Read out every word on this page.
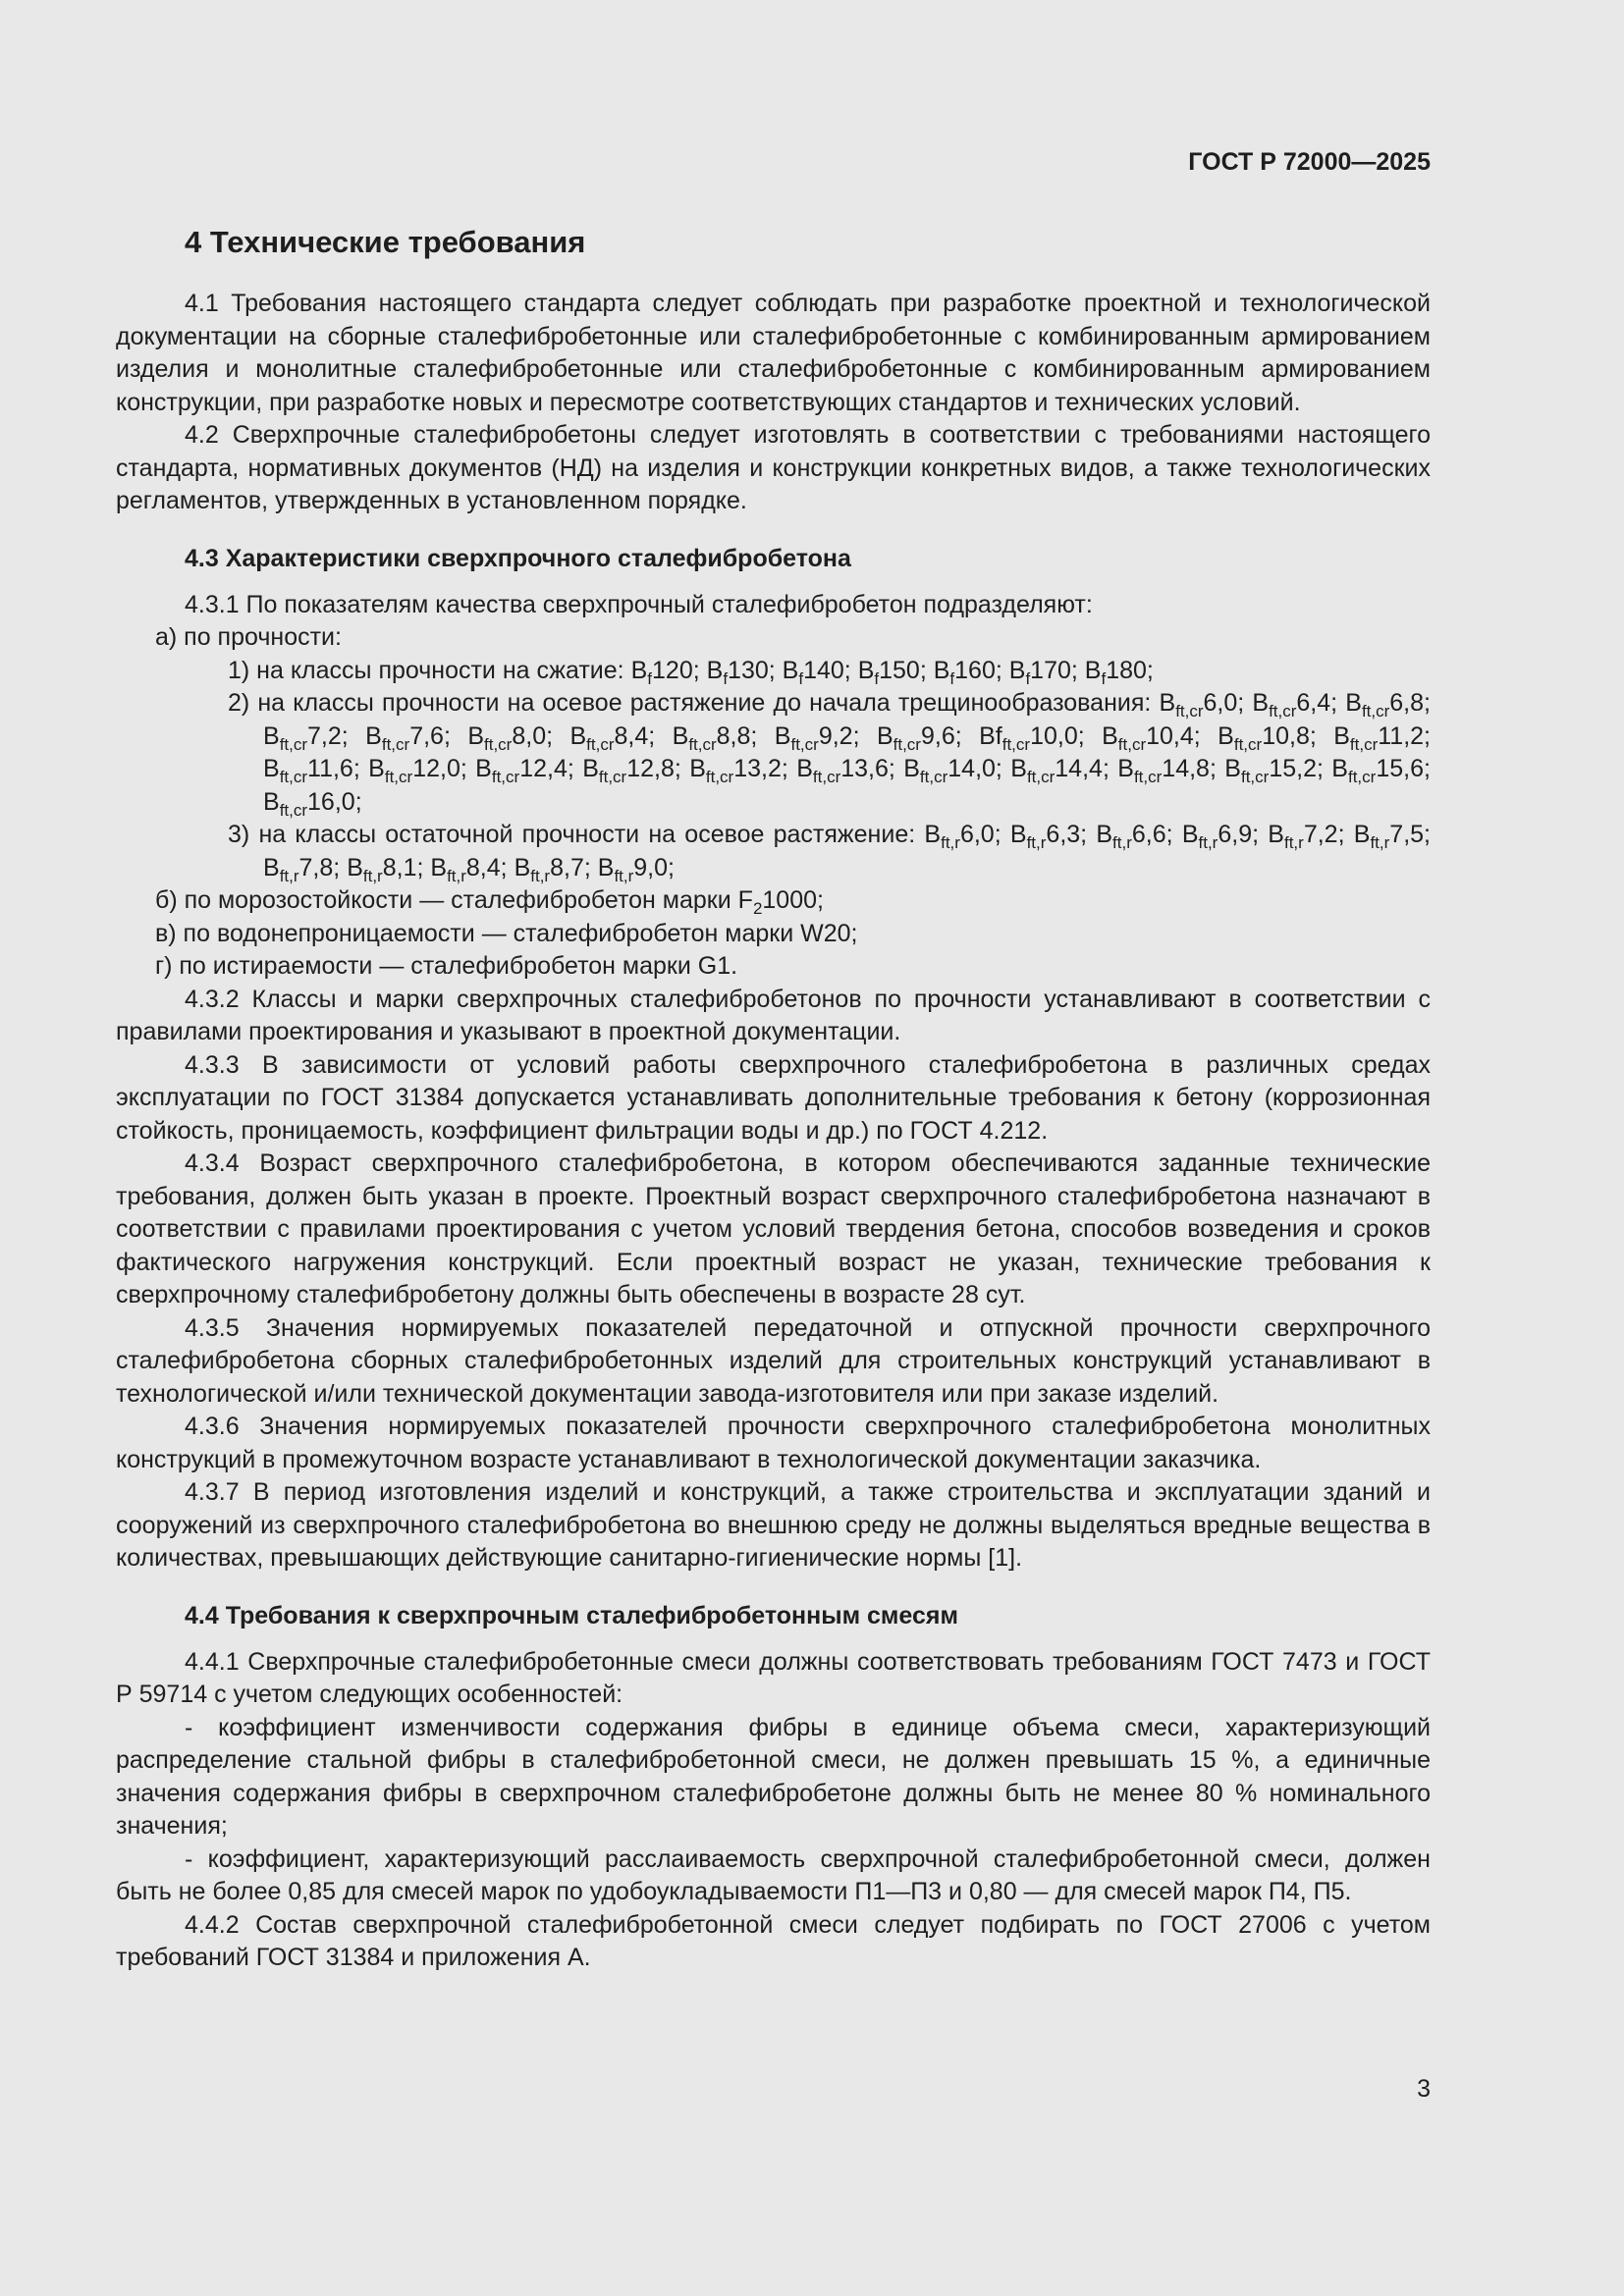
ГОСТ Р 72000—2025
4 Технические требования

4.1 Требования настоящего стандарта следует соблюдать при разработке проектной и технологической документации на сборные сталефибробетонные или сталефибробетонные с комбинированным армированием изделия и монолитные сталефибробетонные или сталефибробетонные с комбинированным армированием конструкции, при разработке новых и пересмотре соответствующих стандартов и технических условий.

4.2 Сверхпрочные сталефибробетоны следует изготовлять в соответствии с требованиями настоящего стандарта, нормативных документов (НД) на изделия и конструкции конкретных видов, а также технологических регламентов, утвержденных в установленном порядке.

4.3 Характеристики сверхпрочного сталефибробетона

4.3.1 По показателям качества сверхпрочный сталефибробетон подразделяют:

а) по прочности:
1) на классы прочности на сжатие: $B_f120$; $B_f130$; $B_f140$; $B_f150$; $B_f160$; $B_f170$; $B_f180$;
2) на классы прочности на осевое растяжение до начала трещинообразования: $B_{ft,cr}6,0$; $B_{ft,cr}6,4$; $B_{ft,cr}6,8$; $B_{ft,cr}7,2$; $B_{ft,cr}7,6$; $B_{ft,cr}8,0$; $B_{ft,cr}8,4$; $B_{ft,cr}8,8$; $B_{ft,cr}9,2$; $B_{ft,cr}9,6$; $Bf_{ft,cr}10,0$; $B_{ft,cr}10,4$; $B_{ft,cr}10,8$; $B_{ft,cr}11,2$; $B_{ft,cr}11,6$; $B_{ft,cr}12,0$; $B_{ft,cr}12,4$; $B_{ft,cr}12,8$; $B_{ft,cr}13,2$; $B_{ft,cr}13,6$; $B_{ft,cr}14,0$; $B_{ft,cr}14,4$; $B_{ft,cr}14,8$; $B_{ft,cr}15,2$; $B_{ft,cr}15,6$; $B_{ft,cr}16,0$;
3) на классы остаточной прочности на осевое растяжение: $B_{ft,r}6,0$; $B_{ft,r}6,3$; $B_{ft,r}6,6$; $B_{ft,r}6,9$; $B_{ft,r}7,2$; $B_{ft,r}7,5$; $B_{ft,r}7,8$; $B_{ft,r}8,1$; $B_{ft,r}8,4$; $B_{ft,r}8,7$; $B_{ft,r}9,0$;
б) по морозостойкости — сталефибробетон марки $F_21000$;
в) по водонепроницаемости — сталефибробетон марки W20;
г) по истираемости — сталефибробетон марки G1.

4.3.2 Классы и марки сверхпрочных сталефибробетонов по прочности устанавливают в соответствии с правилами проектирования и указывают в проектной документации.

4.3.3 В зависимости от условий работы сверхпрочного сталефибробетона в различных средах эксплуатации по ГОСТ 31384 допускается устанавливать дополнительные требования к бетону (коррозионная стойкость, проницаемость, коэффициент фильтрации воды и др.) по ГОСТ 4.212.

4.3.4 Возраст сверхпрочного сталефибробетона, в котором обеспечиваются заданные технические требования, должен быть указан в проекте. Проектный возраст сверхпрочного сталефибробетона назначают в соответствии с правилами проектирования с учетом условий твердения бетона, способов возведения и сроков фактического нагружения конструкций. Если проектный возраст не указан, технические требования к сверхпрочному сталефибробетону должны быть обеспечены в возрасте 28 сут.

4.3.5 Значения нормируемых показателей передаточной и отпускной прочности сверхпрочного сталефибробетона сборных сталефибробетонных изделий для строительных конструкций устанавливают в технологической и/или технической документации завода-изготовителя или при заказе изделий.

4.3.6 Значения нормируемых показателей прочности сверхпрочного сталефибробетона монолитных конструкций в промежуточном возрасте устанавливают в технологической документации заказчика.

4.3.7 В период изготовления изделий и конструкций, а также строительства и эксплуатации зданий и сооружений из сверхпрочного сталефибробетона во внешнюю среду не должны выделяться вредные вещества в количествах, превышающих действующие санитарно-гигиенические нормы [1].

4.4 Требования к сверхпрочным сталефибробетонным смесям

4.4.1 Сверхпрочные сталефибробетонные смеси должны соответствовать требованиям ГОСТ 7473 и ГОСТ Р 59714 с учетом следующих особенностей:

- коэффициент изменчивости содержания фибры в единице объема смеси, характеризующий распределение стальной фибры в сталефибробетонной смеси, не должен превышать 15 %, а единичные значения содержания фибры в сверхпрочном сталефибробетоне должны быть не менее 80 % номинального значения;

- коэффициент, характеризующий расслаиваемость сверхпрочной сталефибробетонной смеси, должен быть не более 0,85 для смесей марок по удобоукладываемости П1—П3 и 0,80 — для смесей марок П4, П5.

4.4.2 Состав сверхпрочной сталефибробетонной смеси следует подбирать по ГОСТ 27006 с учетом требований ГОСТ 31384 и приложения А.

3
